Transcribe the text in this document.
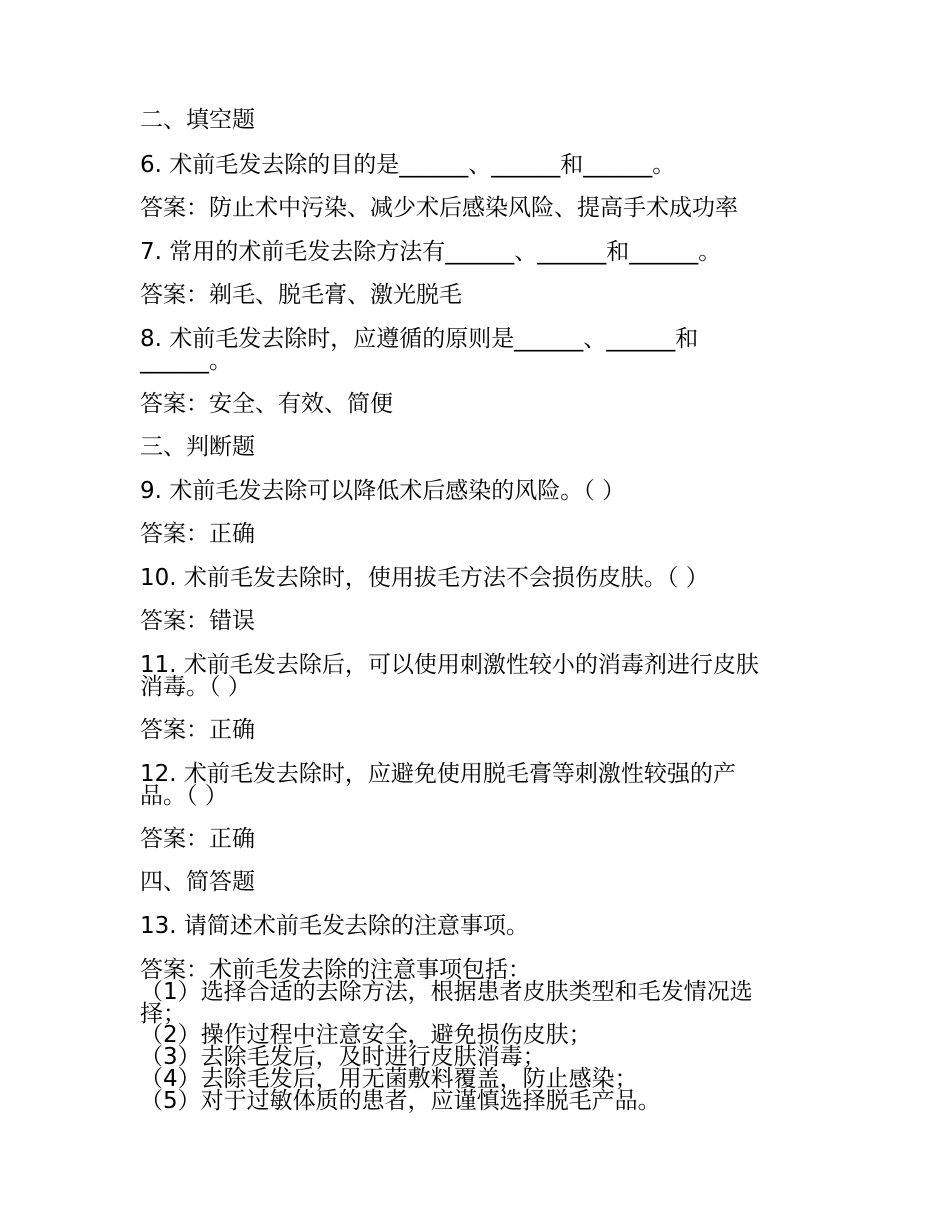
二、填空题
6. 术前毛发去除的目的是______、______和______。
答案：防止术中污染、减少术后感染风险、提高手术成功率
7. 常用的术前毛发去除方法有______、______和______。
答案：剃毛、脱毛膏、激光脱毛
8. 术前毛发去除时，应遵循的原则是______、______和
______。
答案：安全、有效、简便
三、判断题
9. 术前毛发去除可以降低术后感染的风险。（ ）
答案：正确
10. 术前毛发去除时，使用拔毛方法不会损伤皮肤。（ ）
答案：错误
11. 术前毛发去除后，可以使用刺激性较小的消毒剂进行皮肤
消毒。（ ）
答案：正确
12. 术前毛发去除时，应避免使用脱毛膏等刺激性较强的产
品。（ ）
答案：正确
四、简答题
13. 请简述术前毛发去除的注意事项。
答案：术前毛发去除的注意事项包括：
（1）选择合适的去除方法，根据患者皮肤类型和毛发情况选
择；
（2）操作过程中注意安全，避免损伤皮肤；
（3）去除毛发后，及时进行皮肤消毒；
（4）去除毛发后，用无菌敷料覆盖，防止感染；
（5）对于过敏体质的患者，应谨慎选择脱毛产品。
